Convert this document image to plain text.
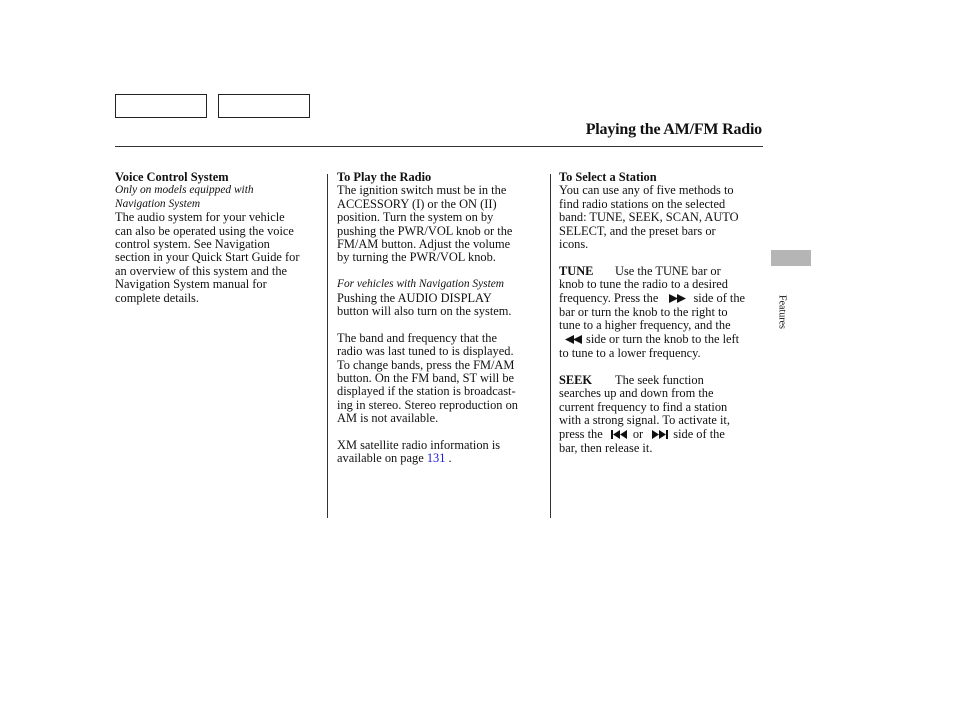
Playing the AM/FM Radio
Voice Control System
Only on models equipped with
Navigation System
The audio system for your vehicle
can also be operated using the voice
control system. See Navigation
section in your Quick Start Guide for
an overview of this system and the
Navigation System manual for
complete details.
To Play the Radio
The ignition switch must be in the
ACCESSORY (I) or the ON (II)
position. Turn the system on by
pushing the PWR/VOL knob or the
FM/AM button. Adjust the volume
by turning the PWR/VOL knob.
For vehicles with Navigation System
Pushing the AUDIO DISPLAY
button will also turn on the system.
The band and frequency that the
radio was last tuned to is displayed.
To change bands, press the FM/AM
button. On the FM band, ST will be
displayed if the station is broadcast-
ing in stereo. Stereo reproduction on
AM is not available.
XM satellite radio information is
available on page 131 .
To Select a Station
You can use any of five methods to
find radio stations on the selected
band: TUNE, SEEK, SCAN, AUTO
SELECT, and the preset bars or
icons.
TUNE Use the TUNE bar or
knob to tune the radio to a desired
frequency. Press the	side of the
bar or turn the knob to the right to
tune to a higher frequency, and the
side or turn the knob to the left
to tune to a lower frequency.
SEEK The seek function
searches up and down from the
current frequency to find a station
with a strong signal. To activate it,
press the or side of the
bar, then release it.
Features
